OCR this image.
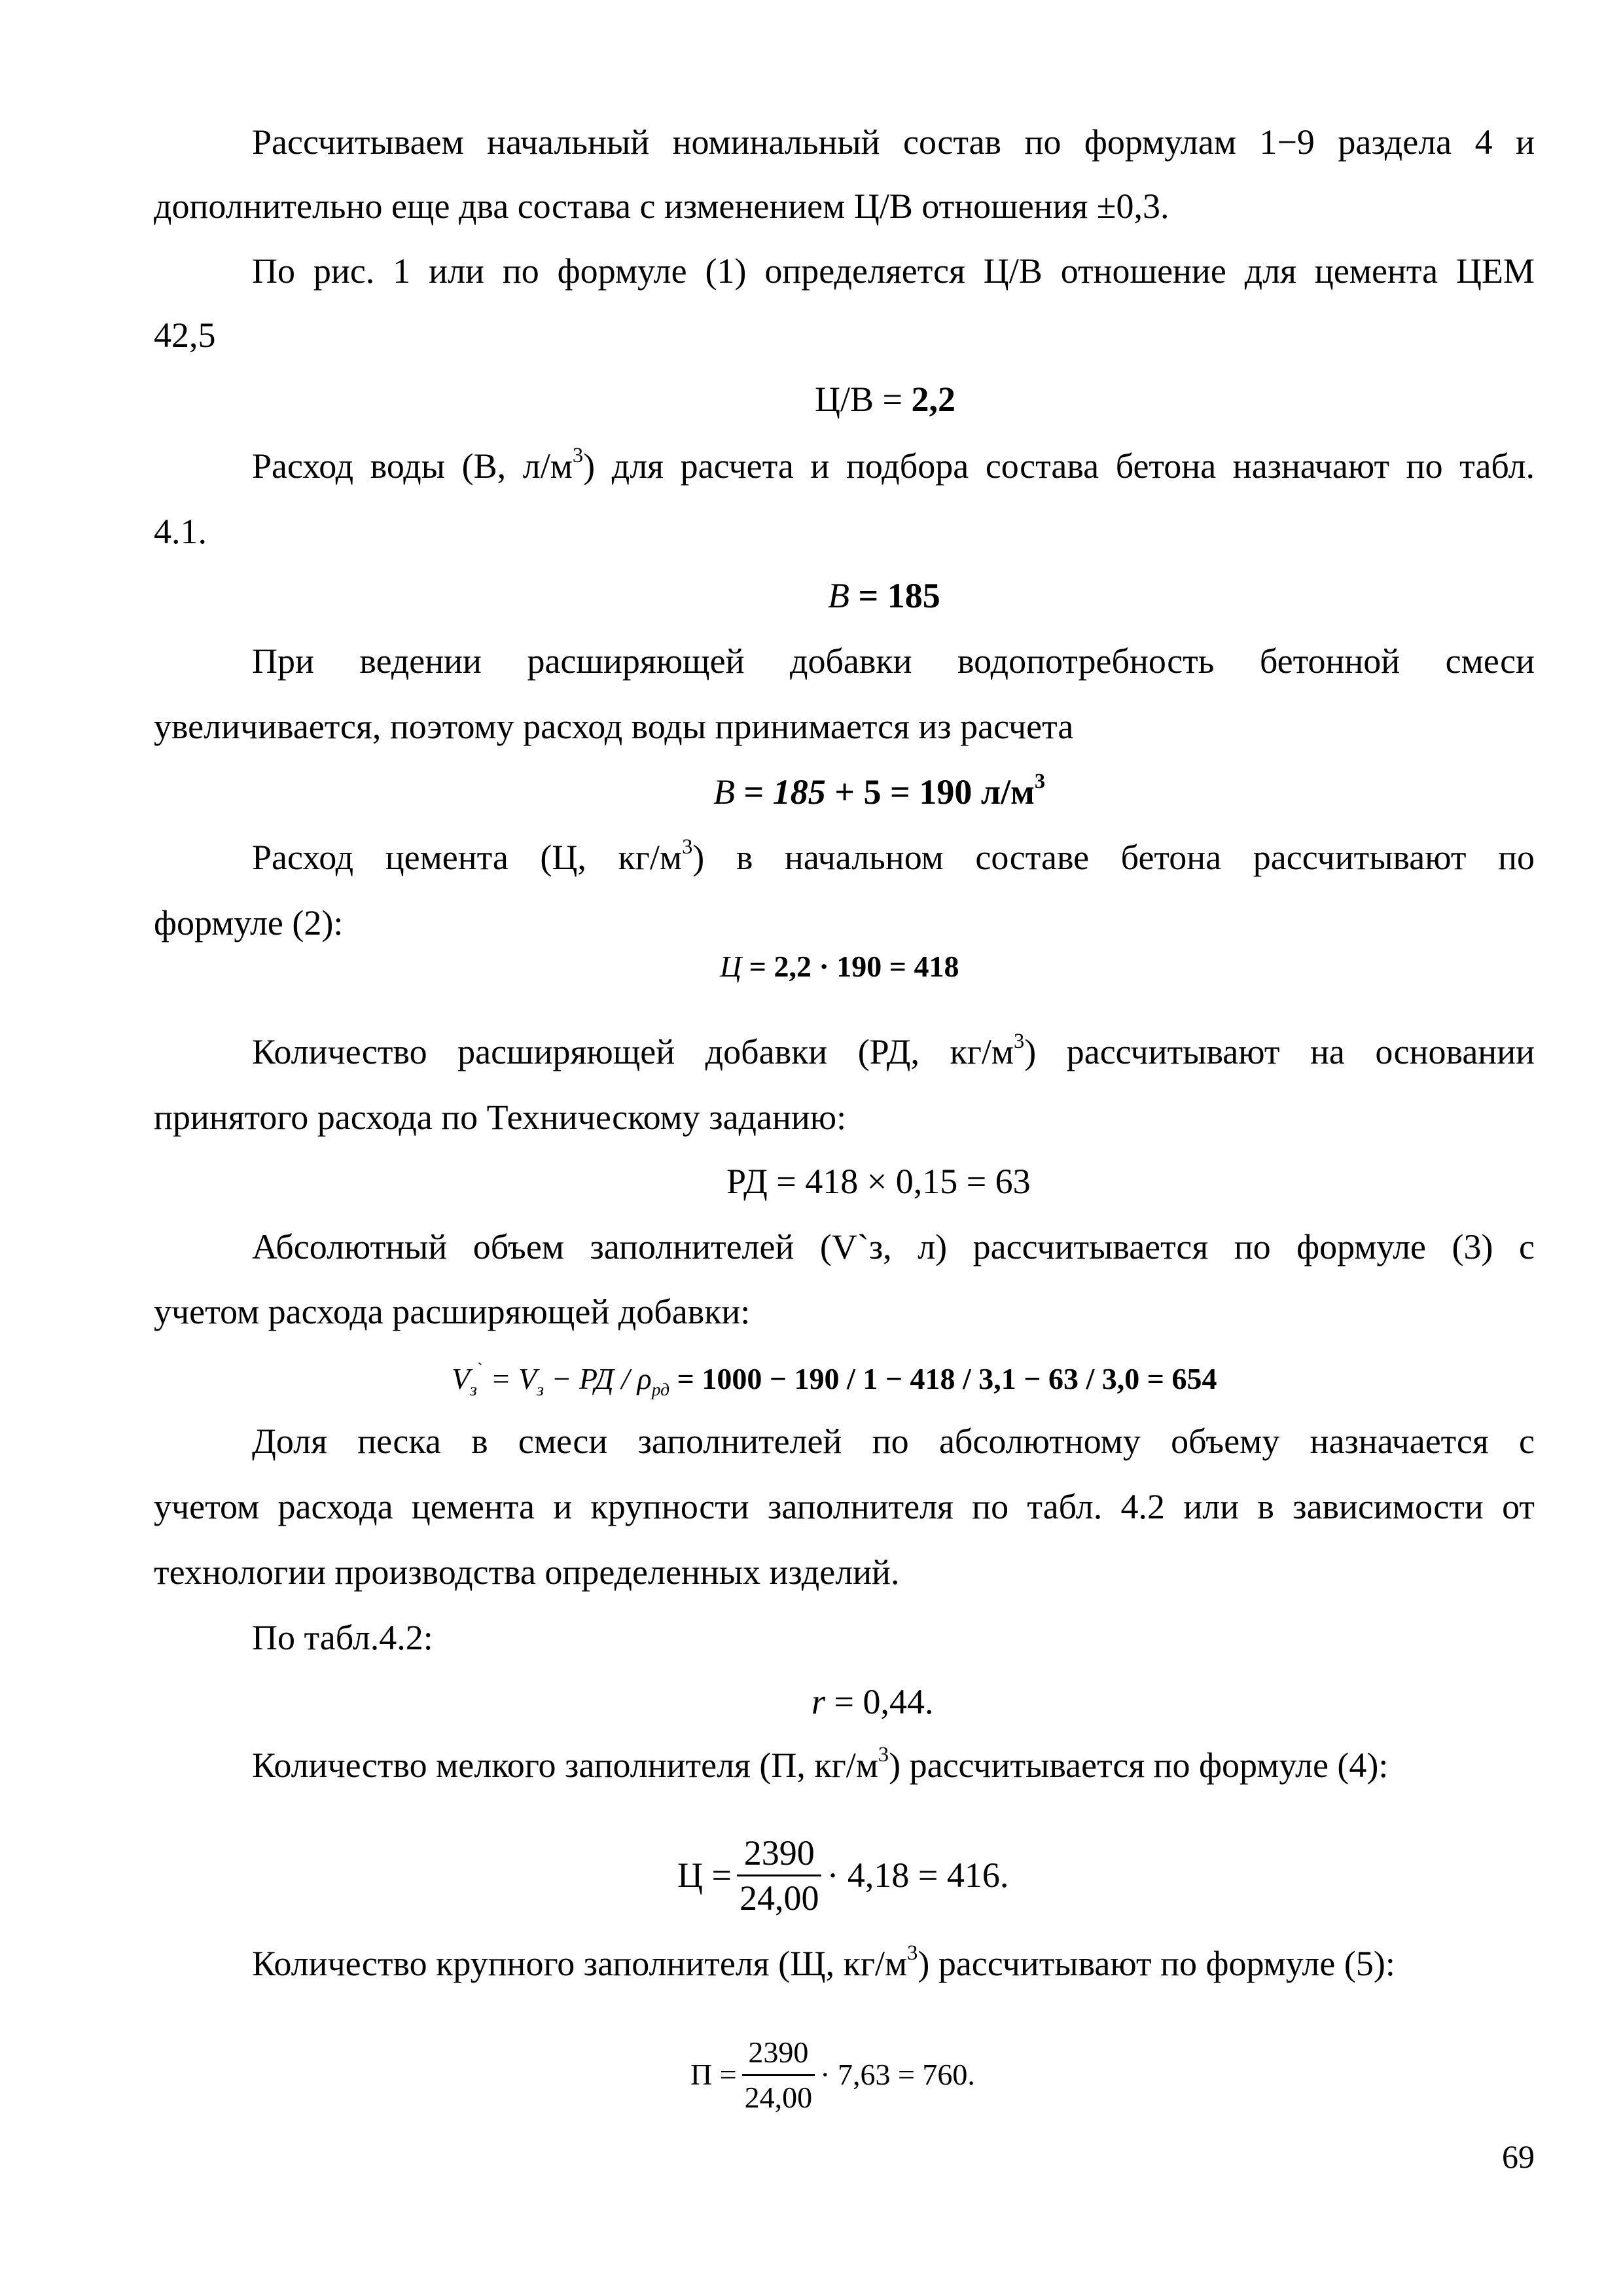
Рассчитываем начальный номинальный состав по формулам 1−9 раздела 4 и
дополнительно еще два состава с изменением Ц/В отношения ±0,3.
По рис. 1 или по формуле (1) определяется Ц/В отношение для цемента ЦЕМ
42,5
Ц/В = 2,2
Расход воды (В, $л/м^3$) для расчета и подбора состава бетона назначают по табл.
4.1.
В = 185
При ведении расширяющей добавки водопотребность бетонной смеси
увеличивается, поэтому расход воды принимается из расчета
В = 185 + 5 = 190 $л/м^3$
Расход цемента (Ц, $кг/м^3$) в начальном составе бетона рассчитывают по
формуле (2):
Ц = 2,2 · 190 = 418
Количество расширяющей добавки (РД, $кг/м^3$) рассчитывают на основании
принятого расхода по Техническому заданию:
РД = 418 × 0,15 = 63
Абсолютный объем заполнителей (V`з, л) рассчитывается по формуле (3) с
учетом расхода расширяющей добавки:
$V_з^` = V_з$ − РД / $\rho_{рд} = 1000 - 190 / 1 - 418 / 3,1 - 63 / 3,0 = 654$
Доля песка в смеси заполнителей по абсолютному объему назначается с
учетом расхода цемента и крупности заполнителя по табл. 4.2 или в зависимости от
технологии производства определенных изделий.
По табл.4.2:
r = 0,44.
Количество мелкого заполнителя (П, $кг/м^3$) рассчитывается по формуле (4):
$Ц = \frac{2390}{24,00} \cdot 4,18 = 416$.
Количество крупного заполнителя (Щ, $кг/м^3$) рассчитывают по формуле (5):
$П = \frac{2390}{24,00} \cdot 7,63 = 760$.
69
